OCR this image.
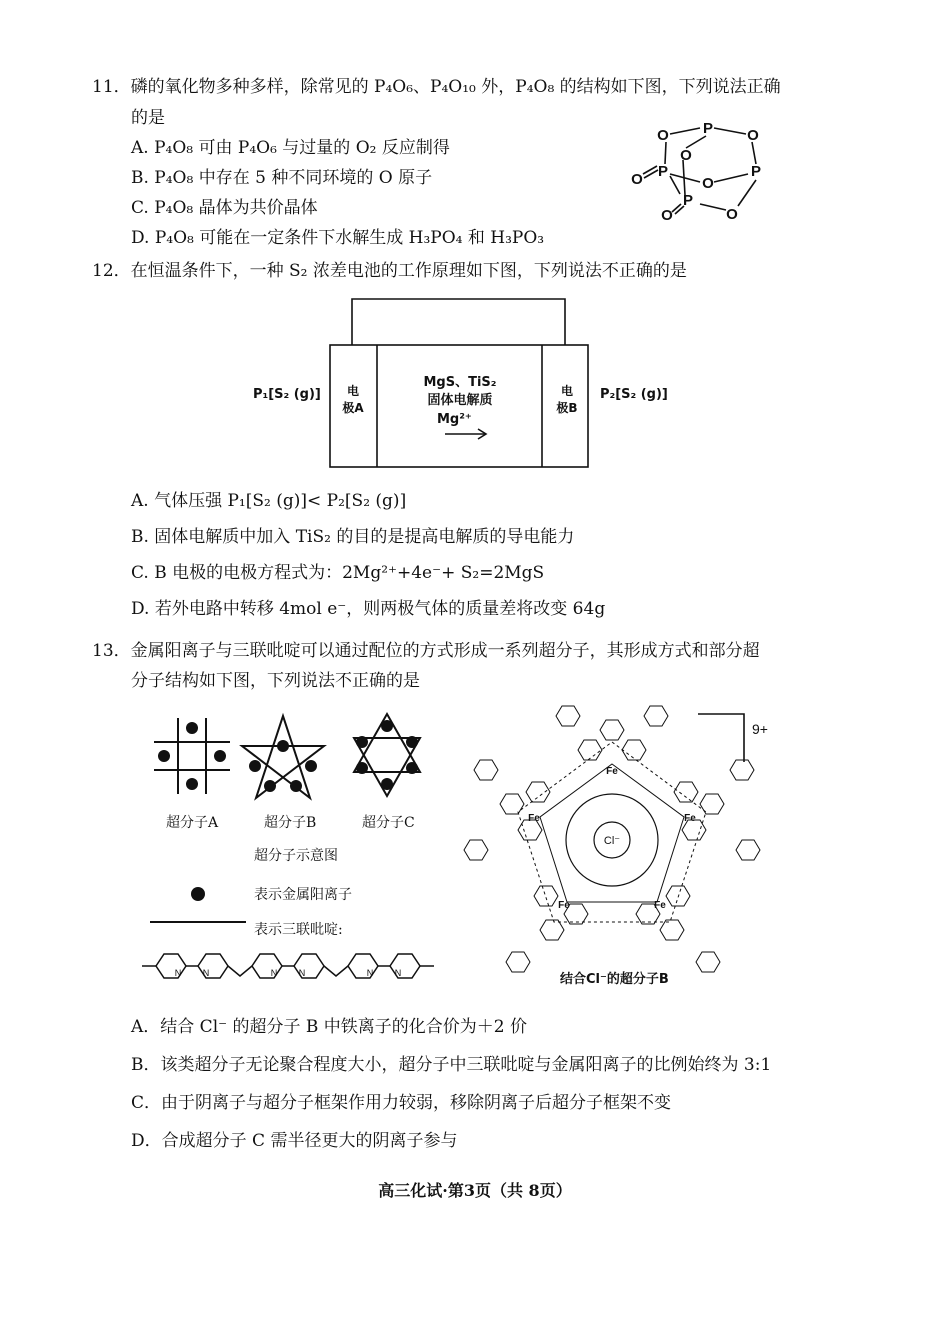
11．磷的氧化物多种多样，除常见的 P₄O₆、P₄O₁₀ 外，P₄O₈ 的结构如下图，下列说法正确
的是
A. P₄O₈ 可由 P₄O₆ 与过量的 O₂ 反应制得
B. P₄O₈ 中存在 5 种不同环境的 O 原子
C. P₄O₈ 晶体为共价晶体
D. P₄O₈ 可能在一定条件下水解生成 H₃PO₄ 和 H₃PO₃
O P O
O
P
O
P
O
P
O	O
12．在恒温条件下，一种 S₂ 浓差电池的工作原理如下图，下列说法不正确的是
P₁[S₂ (g)]	P₂[S₂ (g)]
电极A
电极B
MgS、TiS₂
固体电解质
Mg²⁺
A. 气体压强 P₁[S₂ (g)]< P₂[S₂ (g)]
B. 固体电解质中加入 TiS₂ 的目的是提高电解质的导电能力
C. B 电极的电极方程式为：2Mg²⁺+4e⁻+ S₂=2MgS
D. 若外电路中转移 4mol e⁻，则两极气体的质量差将改变 64g
13．金属阳离子与三联吡啶可以通过配位的方式形成一系列超分子，其形成方式和部分超
分子结构如下图，下列说法不正确的是
超分子A	超分子B	超分子C
超分子示意图
表示金属阳离子
表示三联吡啶:
N N	N N	N N
9+
Cl⁻
Fe
Fe
Fe
Fe
Fe
结合Cl⁻的超分子B
A．结合 Cl⁻ 的超分子 B 中铁离子的化合价为＋2 价
B．该类超分子无论聚合程度大小，超分子中三联吡啶与金属阳离子的比例始终为 3:1
C．由于阴离子与超分子框架作用力较弱，移除阴离子后超分子框架不变
D．合成超分子 C 需半径更大的阴离子参与
高三化试·第3页（共 8页）
